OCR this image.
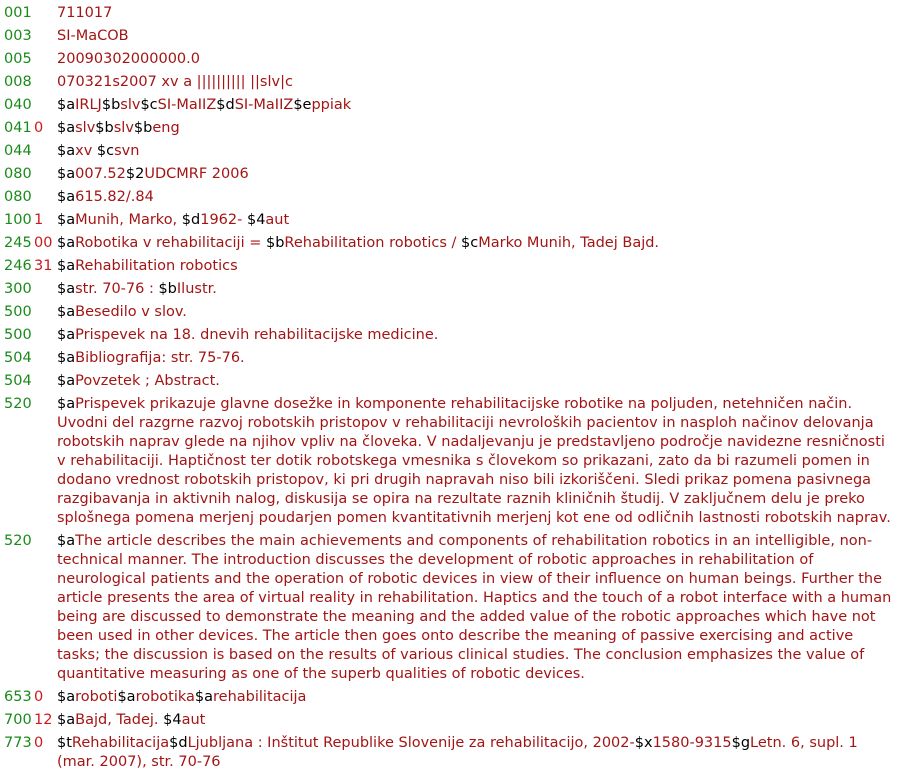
001 711017
003 SI-MaCOB
005 20090302000000.0
008 070321s2007 xv a |||||||||| ||slv|c
040 $aIRLJ$bslv$cSI-MaIIZ$dSI-MaIIZ$eppiak
041 0 $aslv$bslv$beng
044 $axv $csvn
080 $a007.52$2UDCMRF 2006
080 $a615.82/.84
100 1 $aMunih, Marko, $d1962- $4aut
245 00 $aRobotika v rehabilitaciji = $bRehabilitation robotics / $cMarko Munih, Tadej Bajd.
246 31 $aRehabilitation robotics
300 $astr. 70-76 : $bIlustr.
500 $aBesedilo v slov.
500 $aPrispevek na 18. dnevih rehabilitacijske medicine.
504 $aBibliografija: str. 75-76.
504 $aPovzetek ; Abstract.
520 $aPrispevek prikazuje glavne dosežke in komponente rehabilitacijske robotike na poljuden, netehničen način. Uvodni del razgrne razvoj robotskih pristopov v rehabilitaciji nevroloških pacientov in nasploh načinov delovanja robotskih naprav glede na njihov vpliv na človeka. V nadaljevanju je predstavljeno področje navidezne resničnosti v rehabilitaciji. Haptičnost ter dotik robotskega vmesnika s človekom so prikazani, zato da bi razumeli pomen in dodano vrednost robotskih pristopov, ki pri drugih napravah niso bili izkoriščeni. Sledi prikaz pomena pasivnega razgibavanja in aktivnih nalog, diskusija se opira na rezultate raznih kliničnih študij. V zaključnem delu je preko splošnega pomena merjenj poudarjen pomen kvantitativnih merjenj kot ene od odličnih lastnosti robotskih naprav.
520 $aThe article describes the main achievements and components of rehabilitation robotics in an intelligible, non-technical manner. The introduction discusses the development of robotic approaches in rehabilitation of neurological patients and the operation of robotic devices in view of their influence on human beings. Further the article presents the area of virtual reality in rehabilitation. Haptics and the touch of a robot interface with a human being are discussed to demonstrate the meaning and the added value of the robotic approaches which have not been used in other devices. The article then goes onto describe the meaning of passive exercising and active tasks; the discussion is based on the results of various clinical studies. The conclusion emphasizes the value of quantitative measuring as one of the superb qualities of robotic devices.
653 0 $aroboti$arobotika$arehabilitacija
700 12 $aBajd, Tadej. $4aut
773 0 $tRehabilitacija$dLjubljana : Inštitut Republike Slovenije za rehabilitacijo, 2002-$x1580-9315$gLetn. 6, supl. 1 (mar. 2007), str. 70-76
